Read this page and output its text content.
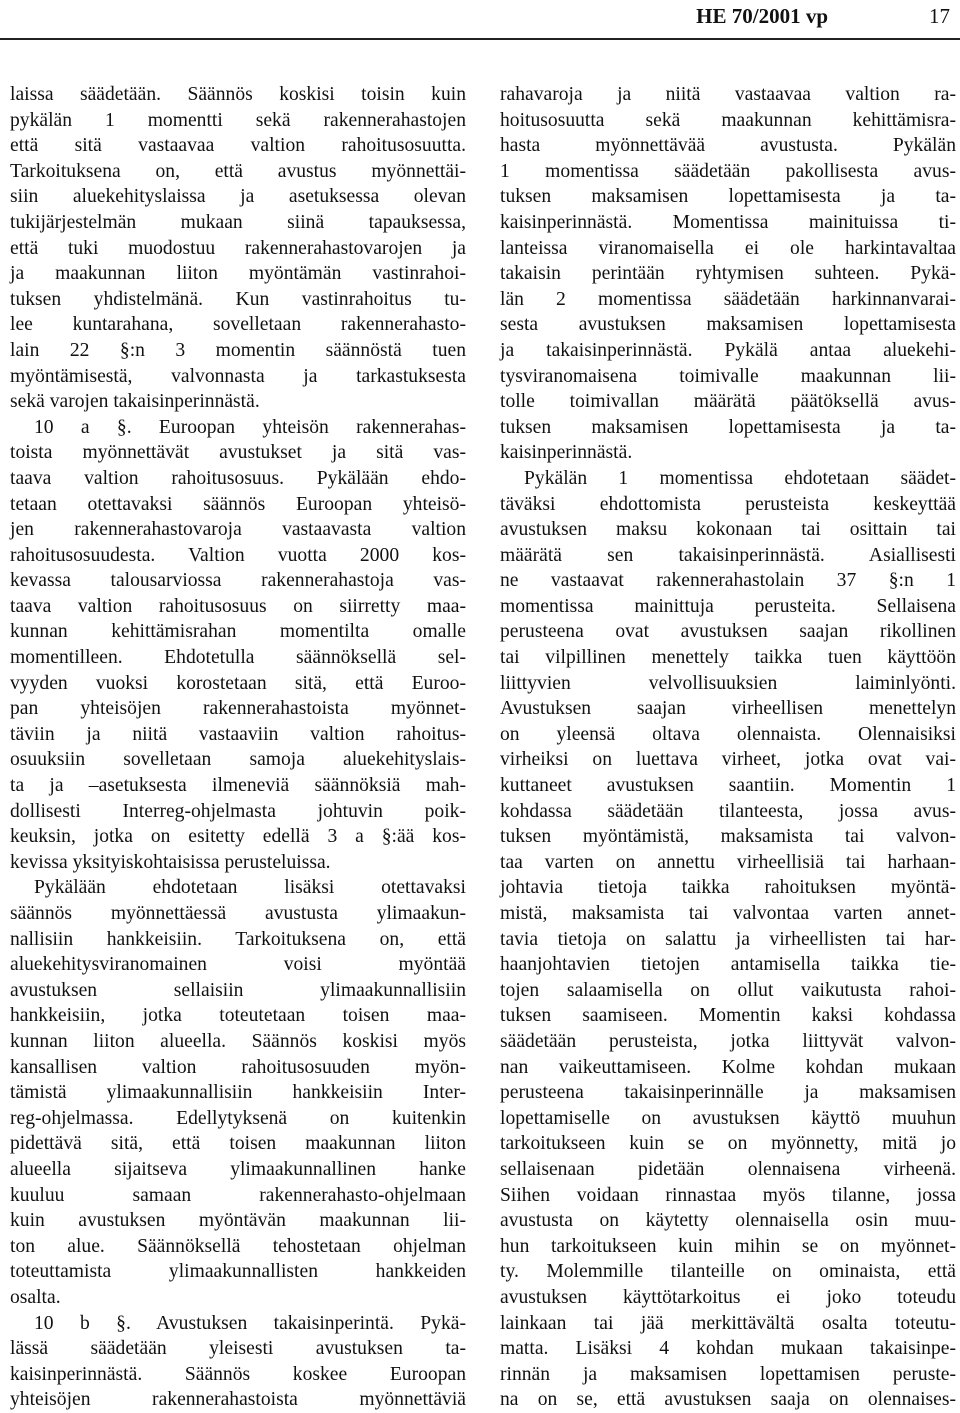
HE 70/2001 vp	17
laissa säädetään. Säännös koskisi toisin kuin
pykälän 1 momentti sekä rakennerahastojen
että sitä vastaavaa valtion rahoitusosuutta.
Tarkoituksena on, että avustus myönnettäi-
siin aluekehityslaissa ja asetuksessa olevan
tukijärjestelmän mukaan siinä tapauksessa,
että tuki muodostuu rakennerahastovarojen ja
ja maakunnan liiton myöntämän vastinrahoi-
tuksen yhdistelmänä. Kun vastinrahoitus tu-
lee kuntarahana, sovelletaan rakennerahasto-
lain 22 §:n 3 momentin säännöstä tuen
myöntämisestä, valvonnasta ja tarkastuksesta
sekä varojen takaisinperinnästä.
10 a §. Euroopan yhteisön rakennerahas-
toista myönnettävät avustukset ja sitä vas-
taava valtion rahoitusosuus. Pykälään ehdo-
tetaan otettavaksi säännös Euroopan yhteisö-
jen rakennerahastovaroja vastaavasta valtion
rahoitusosuudesta. Valtion vuotta 2000 kos-
kevassa talousarviossa rakennerahastoja vas-
taava valtion rahoitusosuus on siirretty maa-
kunnan kehittämisrahan momentilta omalle
momentilleen. Ehdotetulla säännöksellä sel-
vyyden vuoksi korostetaan sitä, että Euroo-
pan yhteisöjen rakennerahastoista myönnet-
täviin ja niitä vastaaviin valtion rahoitus-
osuuksiin sovelletaan samoja aluekehityslais-
ta ja –asetuksesta ilmeneviä säännöksiä mah-
dollisesti Interreg-ohjelmasta johtuvin poik-
keuksin, jotka on esitetty edellä 3 a §:ää kos-
kevissa yksityiskohtaisissa perusteluissa.
Pykälään ehdotetaan lisäksi otettavaksi
säännös myönnettäessä avustusta ylimaakun-
nallisiin hankkeisiin. Tarkoituksena on, että
aluekehitysviranomainen voisi myöntää
avustuksen sellaisiin ylimaakunnallisiin
hankkeisiin, jotka toteutetaan toisen maa-
kunnan liiton alueella. Säännös koskisi myös
kansallisen valtion rahoitusosuuden myön-
tämistä ylimaakunnallisiin hankkeisiin Inter-
reg-ohjelmassa. Edellytyksenä on kuitenkin
pidettävä sitä, että toisen maakunnan liiton
alueella sijaitseva ylimaakunnallinen hanke
kuuluu samaan rakennerahasto-ohjelmaan
kuin avustuksen myöntävän maakunnan lii-
ton alue. Säännöksellä tehostetaan ohjelman
toteuttamista ylimaakunnallisten hankkeiden
osalta.
10 b §. Avustuksen takaisinperintä. Pykä-
lässä säädetään yleisesti avustuksen ta-
kaisinperinnästä. Säännös koskee Euroopan
yhteisöjen rakennerahastoista myönnettäviä
rahavaroja ja niitä vastaavaa valtion ra-
hoitusosuutta sekä maakunnan kehittämisra-
hasta myönnettävää avustusta. Pykälän
1 momentissa säädetään pakollisesta avus-
tuksen maksamisen lopettamisesta ja ta-
kaisinperinnästä. Momentissa mainituissa ti-
lanteissa viranomaisella ei ole harkintavaltaa
takaisin perintään ryhtymisen suhteen. Pykä-
län 2 momentissa säädetään harkinnanvarai-
sesta avustuksen maksamisen lopettamisesta
ja takaisinperinnästä. Pykälä antaa aluekehi-
tysviranomaisena toimivalle maakunnan lii-
tolle toimivallan määrätä päätöksellä avus-
tuksen maksamisen lopettamisesta ja ta-
kaisinperinnästä.
Pykälän 1 momentissa ehdotetaan säädet-
täväksi ehdottomista perusteista keskeyttää
avustuksen maksu kokonaan tai osittain tai
määrätä sen takaisinperinnästä. Asiallisesti
ne vastaavat rakennerahastolain 37 §:n 1
momentissa mainittuja perusteita. Sellaisena
perusteena ovat avustuksen saajan rikollinen
tai vilpillinen menettely taikka tuen käyttöön
liittyvien velvollisuuksien laiminlyönti.
Avustuksen saajan virheellisen menettelyn
on yleensä oltava olennaista. Olennaisiksi
virheiksi on luettava virheet, jotka ovat vai-
kuttaneet avustuksen saantiin. Momentin 1
kohdassa säädetään tilanteesta, jossa avus-
tuksen myöntämistä, maksamista tai valvon-
taa varten on annettu virheellisiä tai harhaan-
johtavia tietoja taikka rahoituksen myöntä-
mistä, maksamista tai valvontaa varten annet-
tavia tietoja on salattu ja virheellisten tai har-
haanjohtavien tietojen antamisella taikka tie-
tojen salaamisella on ollut vaikutusta rahoi-
tuksen saamiseen. Momentin kaksi kohdassa
säädetään perusteista, jotka liittyvät valvon-
nan vaikeuttamiseen. Kolme kohdan mukaan
perusteena takaisinperinnälle ja maksamisen
lopettamiselle on avustuksen käyttö muuhun
tarkoitukseen kuin se on myönnetty, mitä jo
sellaisenaan pidetään olennaisena virheenä.
Siihen voidaan rinnastaa myös tilanne, jossa
avustusta on käytetty olennaisella osin muu-
hun tarkoitukseen kuin mihin se on myönnet-
ty. Molemmille tilanteille on ominaista, että
avustuksen käyttötarkoitus ei joko toteudu
lainkaan tai jää merkittävältä osalta toteutu-
matta. Lisäksi 4 kohdan mukaan takaisinpe-
rinnän ja maksamisen lopettamisen peruste-
na on se, että avustuksen saaja on olennaises-
